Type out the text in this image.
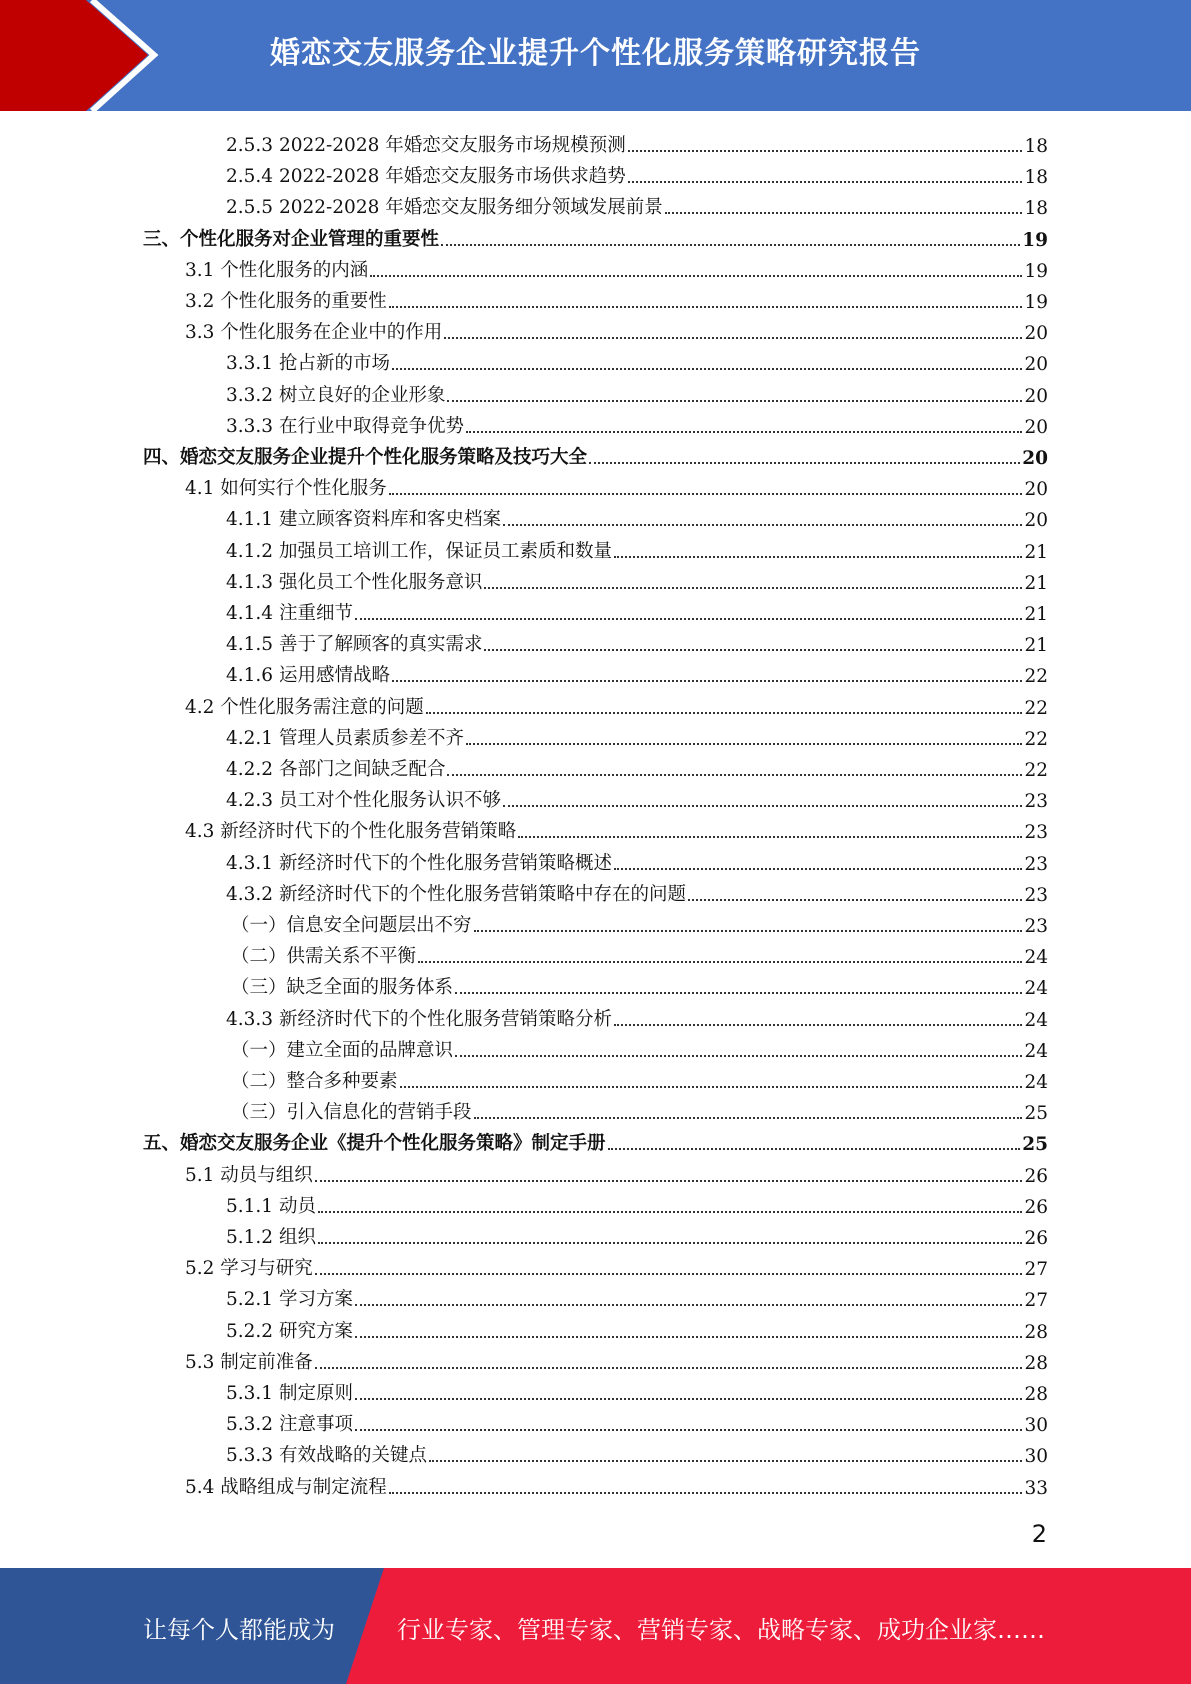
婚恋交友服务企业提升个性化服务策略研究报告
2.5.3 2022-2028 年婚恋交友服务市场规模预测	18
2.5.4 2022-2028 年婚恋交友服务市场供求趋势	18
2.5.5 2022-2028 年婚恋交友服务细分领域发展前景	18
三、个性化服务对企业管理的重要性	19
3.1 个性化服务的内涵	19
3.2 个性化服务的重要性	19
3.3 个性化服务在企业中的作用	20
3.3.1 抢占新的市场	20
3.3.2 树立良好的企业形象	20
3.3.3 在行业中取得竞争优势	20
四、婚恋交友服务企业提升个性化服务策略及技巧大全	20
4.1 如何实行个性化服务	20
4.1.1 建立顾客资料库和客史档案	20
4.1.2 加强员工培训工作，保证员工素质和数量	21
4.1.3 强化员工个性化服务意识	21
4.1.4 注重细节	21
4.1.5 善于了解顾客的真实需求	21
4.1.6 运用感情战略	22
4.2 个性化服务需注意的问题	22
4.2.1 管理人员素质参差不齐	22
4.2.2 各部门之间缺乏配合	22
4.2.3 员工对个性化服务认识不够	23
4.3 新经济时代下的个性化服务营销策略	23
4.3.1 新经济时代下的个性化服务营销策略概述	23
4.3.2 新经济时代下的个性化服务营销策略中存在的问题	23
（一）信息安全问题层出不穷	23
（二）供需关系不平衡	24
（三）缺乏全面的服务体系	24
4.3.3 新经济时代下的个性化服务营销策略分析	24
（一）建立全面的品牌意识	24
（二）整合多种要素	24
（三）引入信息化的营销手段	25
五、婚恋交友服务企业《提升个性化服务策略》制定手册	25
5.1 动员与组织	26
5.1.1 动员	26
5.1.2 组织	26
5.2 学习与研究	27
5.2.1 学习方案	27
5.2.2 研究方案	28
5.3 制定前准备	28
5.3.1 制定原则	28
5.3.2 注意事项	30
5.3.3 有效战略的关键点	30
5.4 战略组成与制定流程	33
2
让每个人都能成为	行业专家、管理专家、营销专家、战略专家、成功企业家……
